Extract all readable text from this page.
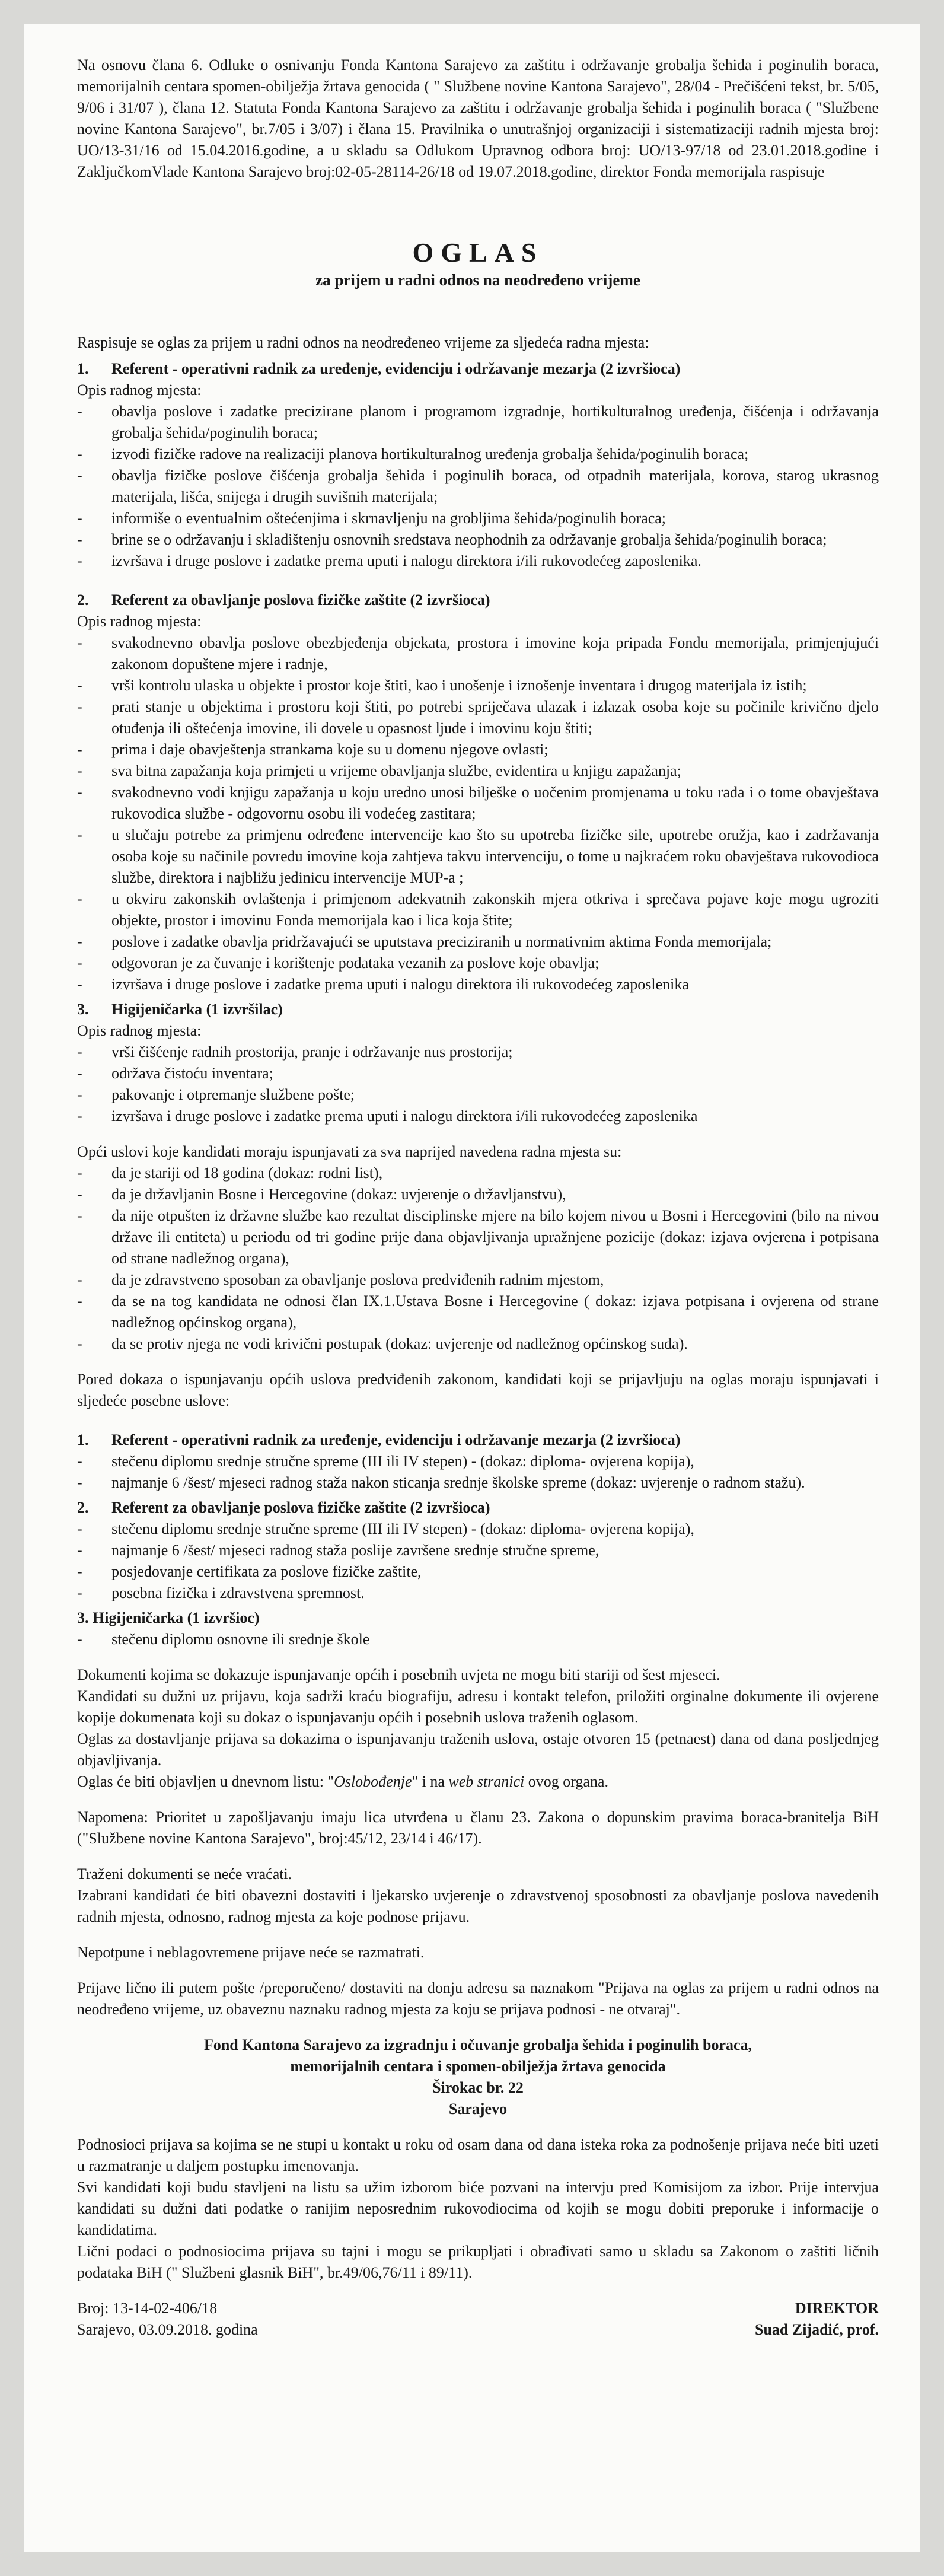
Na osnovu člana 6. Odluke o osnivanju Fonda Kantona Sarajevo za zaštitu i održavanje grobalja šehida i poginulih boraca, memorijalnih centara spomen-obilježja žrtava genocida ( " Službene novine Kantona Sarajevo", 28/04 - Prečišćeni tekst, br. 5/05, 9/06 i 31/07 ), člana 12. Statuta Fonda Kantona Sarajevo za zaštitu i održavanje grobalja šehida i poginulih boraca ( "Službene novine Kantona Sarajevo", br.7/05 i 3/07) i člana 15. Pravilnika o unutrašnjoj organizaciji i sistematizaciji radnih mjesta broj: UO/13-31/16 od 15.04.2016.godine, a u skladu sa Odlukom Upravnog odbora broj: UO/13-97/18 od 23.01.2018.godine i ZaključkomVlade Kantona Sarajevo broj:02-05-28114-26/18 od 19.07.2018.godine, direktor Fonda memorijala raspisuje

OGLAS
za prijem u radni odnos na neodređeno vrijeme

Raspisuje se oglas za prijem u radni odnos na neodređeneo vrijeme za sljedeća radna mjesta:

1. Referent - operativni radnik za uređenje, evidenciju i održavanje mezarja (2 izvršioca)
Opis radnog mjesta:
- obavlja poslove i zadatke precizirane planom i programom izgradnje, hortikulturalnog uređenja, čišćenja i održavanja grobalja šehida/poginulih boraca;
- izvodi fizičke radove na realizaciji planova hortikulturalnog uređenja grobalja šehida/poginulih boraca;
- obavlja fizičke poslove čišćenja grobalja šehida i poginulih boraca, od otpadnih materijala, korova, starog ukrasnog materijala, lišća, snijega i drugih suvišnih materijala;
- informiše o eventualnim oštećenjima i skrnavljenju na grobljima šehida/poginulih boraca;
- brine se o održavanju i skladištenju osnovnih sredstava neophodnih za održavanje grobalja šehida/poginulih boraca;
- izvršava i druge poslove i zadatke prema uputi i nalogu direktora i/ili rukovodećeg zaposlenika.
2. Referent za obavljanje poslova fizičke zaštite (2 izvršioca)
Opis radnog mjesta:
- svakodnevno obavlja poslove obezbjeđenja objekata, prostora i imovine koja pripada Fondu memorijala, primjenjujući zakonom dopuštene mjere i radnje,
- vrši kontrolu ulaska u objekte i prostor koje štiti, kao i unošenje i iznošenje inventara i drugog materijala iz istih;
- prati stanje u objektima i prostoru koji štiti, po potrebi spriječava ulazak i izlazak osoba koje su počinile krivično djelo otuđenja ili oštećenja imovine, ili dovele u opasnost ljude i imovinu koju štiti;
- prima i daje obavještenja strankama koje su u domenu njegove ovlasti;
- sva bitna zapažanja koja primjeti u vrijeme obavljanja službe, evidentira u knjigu zapažanja;
- svakodnevno vodi knjigu zapažanja u koju uredno unosi bilješke o uočenim promjenama u toku rada i o tome obavještava rukovodica službe - odgovornu osobu ili vodećeg zastitara;
- u slučaju potrebe za primjenu određene intervencije kao što su upotreba fizičke sile, upotrebe oružja, kao i zadržavanja osoba koje su načinile povredu imovine koja zahtjeva takvu intervenciju, o tome u najkraćem roku obavještava rukovodioca službe, direktora i najbližu jedinicu intervencije MUP-a ;
- u okviru zakonskih ovlaštenja i primjenom adekvatnih zakonskih mjera otkriva i sprečava pojave koje mogu ugroziti objekte, prostor i imovinu Fonda memorijala kao i lica koja štite;
- poslove i zadatke obavlja pridržavajući se uputstava preciziranih u normativnim aktima Fonda memorijala;
- odgovoran je za čuvanje i korištenje podataka vezanih za poslove koje obavlja;
- izvršava i druge poslove i zadatke prema uputi i nalogu direktora ili rukovodećeg zaposlenika
3. Higijeničarka (1 izvršilac)
Opis radnog mjesta:
- vrši čišćenje radnih prostorija, pranje i održavanje nus prostorija;
- održava čistoću inventara;
- pakovanje i otpremanje službene pošte;
- izvršava i druge poslove i zadatke prema uputi i nalogu direktora i/ili rukovodećeg zaposlenika

Opći uslovi koje kandidati moraju ispunjavati za sva naprijed navedena radna mjesta su:

- da je stariji od 18 godina (dokaz: rodni list),
- da je državljanin Bosne i Hercegovine (dokaz: uvjerenje o državljanstvu),
- da nije otpušten iz državne službe kao rezultat disciplinske mjere na bilo kojem nivou u Bosni i Hercegovini (bilo na nivou države ili entiteta) u periodu od tri godine prije dana objavljivanja upražnjene pozicije (dokaz: izjava ovjerena i potpisana od strane nadležnog organa),
- da je zdravstveno sposoban za obavljanje poslova predviđenih radnim mjestom,
- da se na tog kandidata ne odnosi član IX.1.Ustava Bosne i Hercegovine ( dokaz: izjava potpisana i ovjerena od strane nadležnog općinskog organa),
- da se protiv njega ne vodi krivični postupak (dokaz: uvjerenje od nadležnog općinskog suda).

Pored dokaza o ispunjavanju općih uslova predviđenih zakonom, kandidati koji se prijavljuju na oglas moraju ispunjavati i sljedeće posebne uslove:

1. Referent - operativni radnik za uređenje, evidenciju i održavanje mezarja (2 izvršioca)
- stečenu diplomu srednje stručne spreme (III ili IV stepen) - (dokaz: diploma- ovjerena kopija),
- najmanje 6 /šest/ mjeseci radnog staža nakon sticanja srednje školske spreme (dokaz: uvjerenje o radnom stažu).
2. Referent za obavljanje poslova fizičke zaštite (2 izvršioca)
- stečenu diplomu srednje stručne spreme (III ili IV stepen) - (dokaz: diploma- ovjerena kopija),
- najmanje 6 /šest/ mjeseci radnog staža poslije završene srednje stručne spreme,
- posjedovanje certifikata za poslove fizičke zaštite,
- posebna fizička i zdravstvena spremnost.
3. Higijeničarka (1 izvršioc)
- stečenu diplomu osnovne ili srednje škole

Dokumenti kojima se dokazuje ispunjavanje općih i posebnih uvjeta ne mogu biti stariji od šest mjeseci.

Kandidati su dužni uz prijavu, koja sadrži kraću biografiju, adresu i kontakt telefon, priložiti orginalne dokumente ili ovjerene kopije dokumenata koji su dokaz o ispunjavanju općih i posebnih uslova traženih oglasom.

Oglas za dostavljanje prijava sa dokazima o ispunjavanju traženih uslova, ostaje otvoren 15 (petnaest) dana od dana posljednjeg objavljivanja.

Oglas će biti objavljen u dnevnom listu: "Oslobođenje" i na web stranici ovog organa.

Napomena: Prioritet u zapošljavanju imaju lica utvrđena u članu 23. Zakona o dopunskim pravima boraca-branitelja BiH ("Službene novine Kantona Sarajevo", broj:45/12, 23/14 i 46/17).

Traženi dokumenti se neće vraćati.

Izabrani kandidati će biti obavezni dostaviti i ljekarsko uvjerenje o zdravstvenoj sposobnosti za obavljanje poslova navedenih radnih mjesta, odnosno, radnog mjesta za koje podnose prijavu.

Nepotpune i neblagovremene prijave neće se razmatrati.

Prijave lično ili putem pošte /preporučeno/ dostaviti na donju adresu sa naznakom "Prijava na oglas za prijem u radni odnos na neodređeno vrijeme, uz obaveznu naznaku radnog mjesta za koju se prijava podnosi - ne otvaraj".

Fond Kantona Sarajevo za izgradnju i očuvanje grobalja šehida i poginulih boraca,
memorijalnih centara i spomen-obilježja žrtava genocida
Širokac br. 22
Sarajevo

Podnosioci prijava sa kojima se ne stupi u kontakt u roku od osam dana od dana isteka roka za podnošenje prijava neće biti uzeti u razmatranje u daljem postupku imenovanja.

Svi kandidati koji budu stavljeni na listu sa užim izborom biće pozvani na intervju pred Komisijom za izbor. Prije intervjua kandidati su dužni dati podatke o ranijim neposrednim rukovodiocima od kojih se mogu dobiti preporuke i informacije o kandidatima.

Lični podaci o podnosiocima prijava su tajni i mogu se prikupljati i obrađivati samo u skladu sa Zakonom o zaštiti ličnih podataka BiH (" Službeni glasnik BiH", br.49/06,76/11 i 89/11).

Broj: 13-14-02-406/18
Sarajevo, 03.09.2018. godina
DIREKTOR
Suad Zijadić, prof.
